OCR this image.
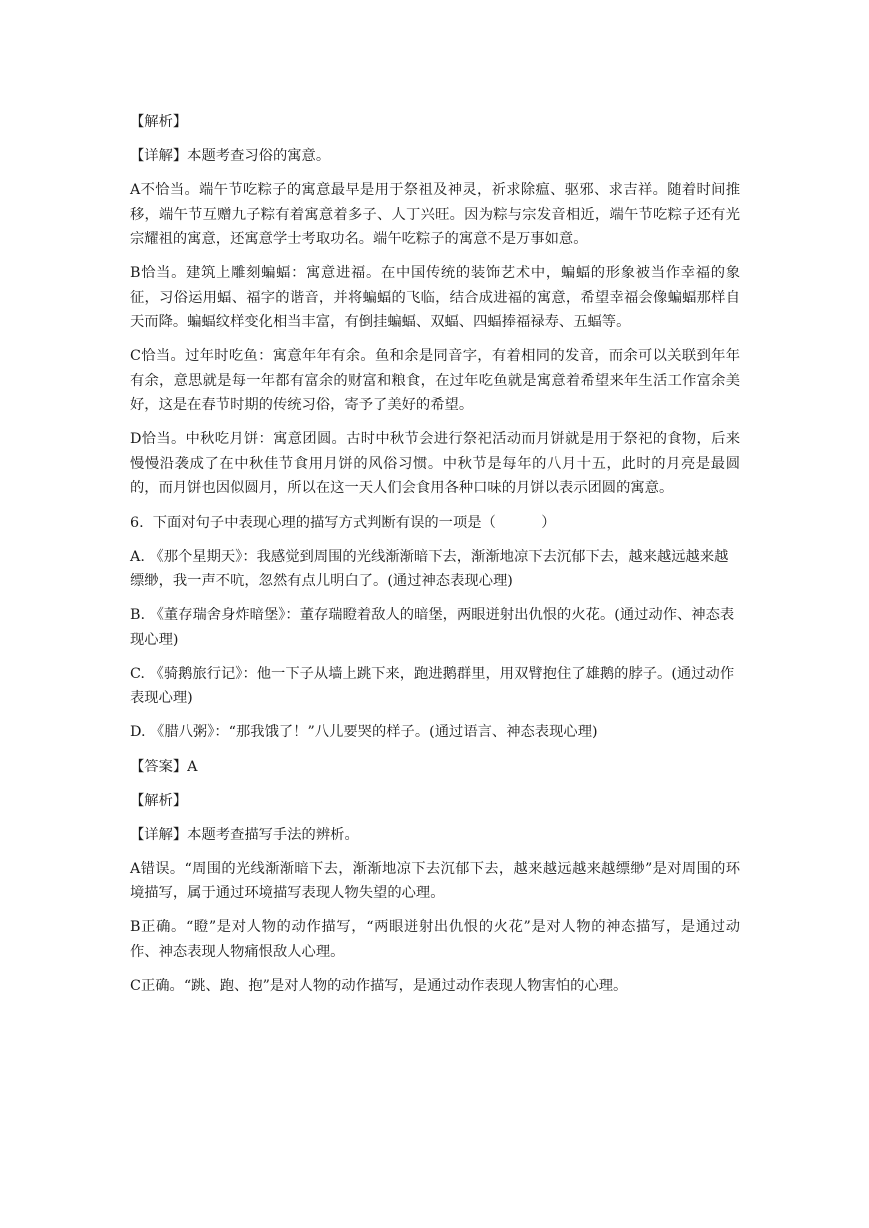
【解析】

【详解】本题考查习俗的寓意。

A不恰当。端午节吃粽子的寓意最早是用于祭祖及神灵，祈求除瘟、驱邪、求吉祥。随着时间推移，端午节互赠九子粽有着寓意着多子、人丁兴旺。因为粽与宗发音相近，端午节吃粽子还有光宗耀祖的寓意，还寓意学士考取功名。端午吃粽子的寓意不是万事如意。

B恰当。建筑上雕刻蝙蝠：寓意进福。在中国传统的装饰艺术中，蝙蝠的形象被当作幸福的象征，习俗运用蝠、福字的谐音，并将蝙蝠的飞临，结合成进福的寓意，希望幸福会像蝙蝠那样自天而降。蝙蝠纹样变化相当丰富，有倒挂蝙蝠、双蝠、四蝠捧福禄寿、五蝠等。

C恰当。过年时吃鱼：寓意年年有余。鱼和余是同音字，有着相同的发音，而余可以关联到年年有余，意思就是每一年都有富余的财富和粮食，在过年吃鱼就是寓意着希望来年生活工作富余美好，这是在春节时期的传统习俗，寄予了美好的希望。

D恰当。中秋吃月饼：寓意团圆。古时中秋节会进行祭祀活动而月饼就是用于祭祀的食物，后来慢慢沿袭成了在中秋佳节食用月饼的风俗习惯。中秋节是每年的八月十五，此时的月亮是最圆的，而月饼也因似圆月，所以在这一天人们会食用各种口味的月饼以表示团圆的寓意。

6.  下面对句子中表现心理的描写方式判断有误的一项是（          ）

A. 《那个星期天》：我感觉到周围的光线渐渐暗下去，渐渐地凉下去沉郁下去，越来越远越来越缥缈，我一声不吭，忽然有点儿明白了。(通过神态表现心理)

B. 《董存瑞舍身炸暗堡》：董存瑞瞪着敌人的暗堡，两眼迸射出仇恨的火花。(通过动作、神态表现心理)

C. 《骑鹅旅行记》：他一下子从墙上跳下来，跑进鹅群里，用双臂抱住了雄鹅的脖子。(通过动作表现心理)

D. 《腊八粥》：“那我饿了！”八儿要哭的样子。(通过语言、神态表现心理)

【答案】A

【解析】

【详解】本题考查描写手法的辨析。

A错误。“周围的光线渐渐暗下去，渐渐地凉下去沉郁下去，越来越远越来越缥缈”是对周围的环境描写，属于通过环境描写表现人物失望的心理。

B正确。“瞪”是对人物的动作描写，“两眼迸射出仇恨的火花”是对人物的神态描写，是通过动作、神态表现人物痛恨敌人心理。

C正确。“跳、跑、抱”是对人物的动作描写，是通过动作表现人物害怕的心理。
